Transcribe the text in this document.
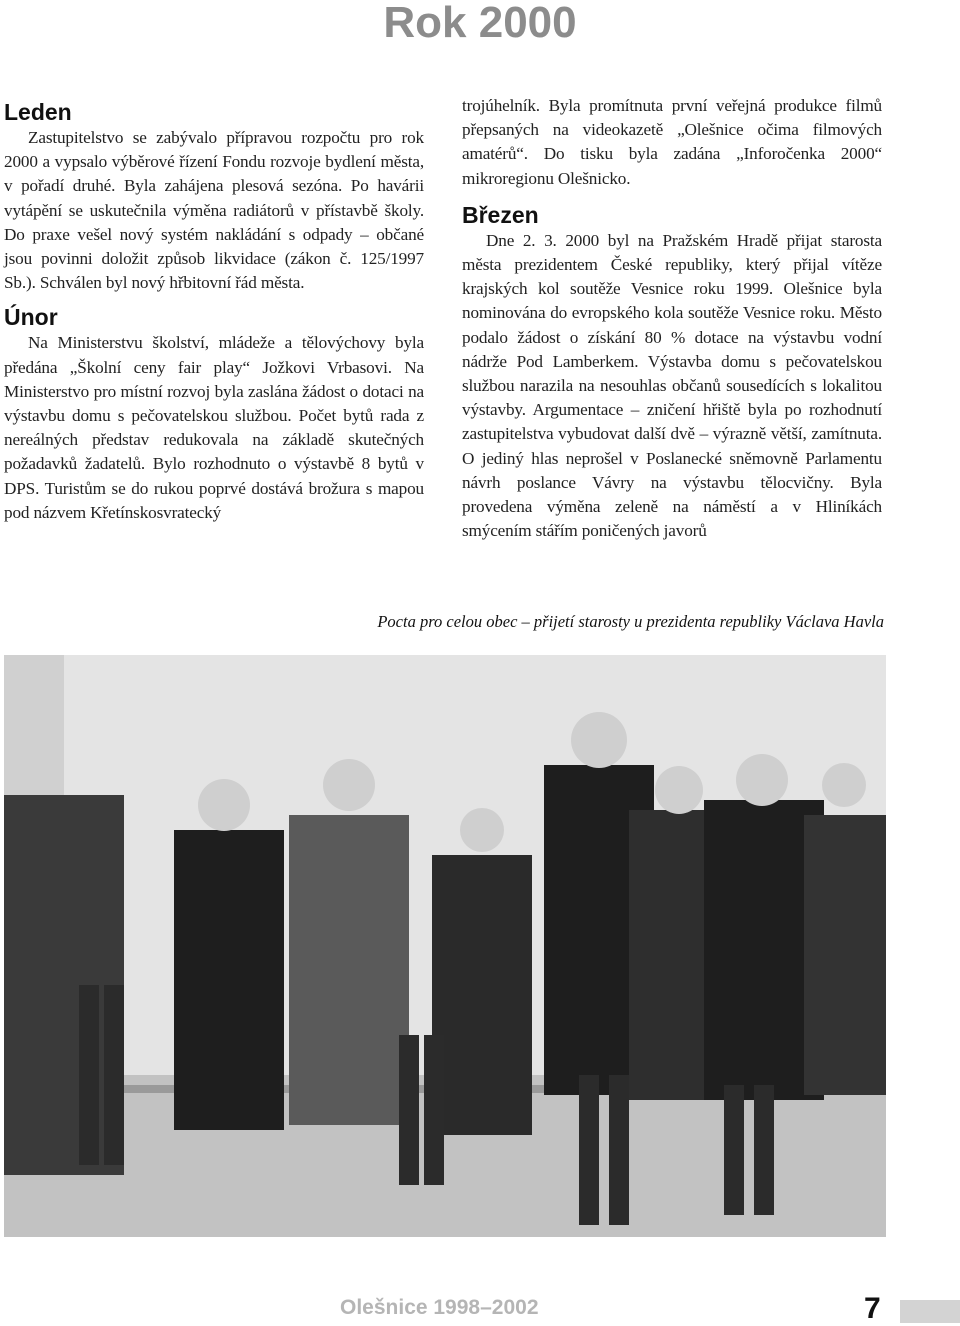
Rok 2000
Leden

Zastupitelstvo se zabývalo přípravou rozpočtu pro rok 2000 a vypsalo výběrové řízení Fondu rozvoje bydlení města, v pořadí druhé. Byla zahájena plesová sezóna. Po havárii vytápění se uskutečnila výměna radiátorů v přístavbě školy. Do praxe vešel nový systém nakládání s odpady – občané jsou povinni doložit způsob likvidace (zákon č. 125/1997 Sb.). Schválen byl nový hřbitovní řád města.

Únor

Na Ministerstvu školství, mládeže a tělovýchovy byla předána „Školní ceny fair play“ Jožkovi Vrbasovi. Na Ministerstvo pro místní rozvoj byla zaslána žádost o dotaci na výstavbu domu s pečovatelskou službou. Počet bytů rada z nereálných představ redukovala na základě skutečných požadavků žadatelů. Bylo rozhodnuto o výstavbě 8 bytů v DPS. Turistům se do rukou poprvé dostává brožura s mapou pod názvem Křetínskosvratecký

trojúhelník. Byla promítnuta první veřejná produkce filmů přepsaných na videokazetě „Olešnice očima filmových amatérů“. Do tisku byla zadána „Inforočenka 2000“ mikroregionu Olešnicko.

Březen

Dne 2. 3. 2000 byl na Pražském Hradě přijat starosta města prezidentem České republiky, který přijal vítěze krajských kol soutěže Vesnice roku 1999. Olešnice byla nominována do evropského kola soutěže Vesnice roku. Město podalo žádost o získání 80 % dotace na výstavbu vodní nádrže Pod Lamberkem. Výstavba domu s pečovatelskou službou narazila na nesouhlas občanů sousedících s lokalitou výstavby. Argumentace – zničení hřiště byla po rozhodnutí zastupitelstva vybudovat další dvě – výrazně větší, zamítnuta. O jediný hlas neprošel v Poslanecké sněmovně Parlamentu návrh poslance Vávry na výstavbu tělocvičny. Byla provedena výměna zeleně na náměstí a v Hliníkách smýcením stářím poničených javorů

Pocta pro celou obec – přijetí starosty u prezidenta republiky Václava Havla
Olešnice 1998–2002	7
